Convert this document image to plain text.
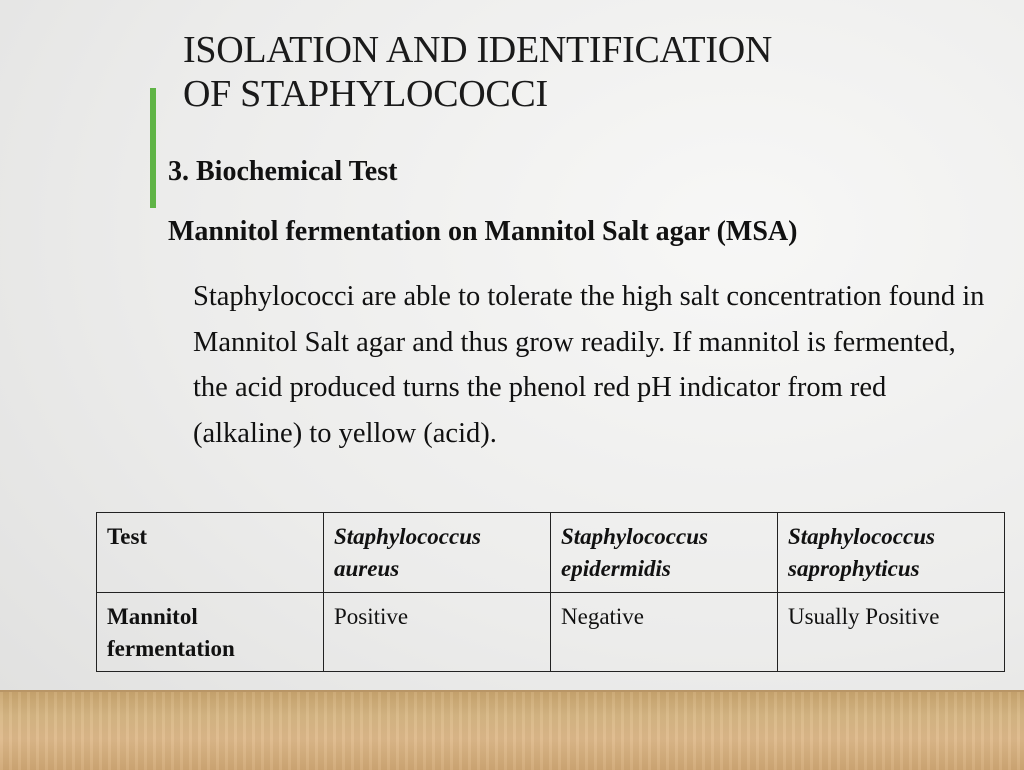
ISOLATION AND IDENTIFICATION
OF STAPHYLOCOCCI

3. Biochemical Test

Mannitol fermentation on Mannitol Salt agar (MSA)

Staphylococci are able to tolerate the high salt concentration found in Mannitol Salt agar and thus grow readily. If mannitol is fermented, the acid produced turns the phenol red pH indicator from red (alkaline) to yellow (acid).

Test	Staphylococcus aureus	Staphylococcus epidermidis	Staphylococcus saprophyticus
Mannitol fermentation	Positive	Negative	Usually Positive
